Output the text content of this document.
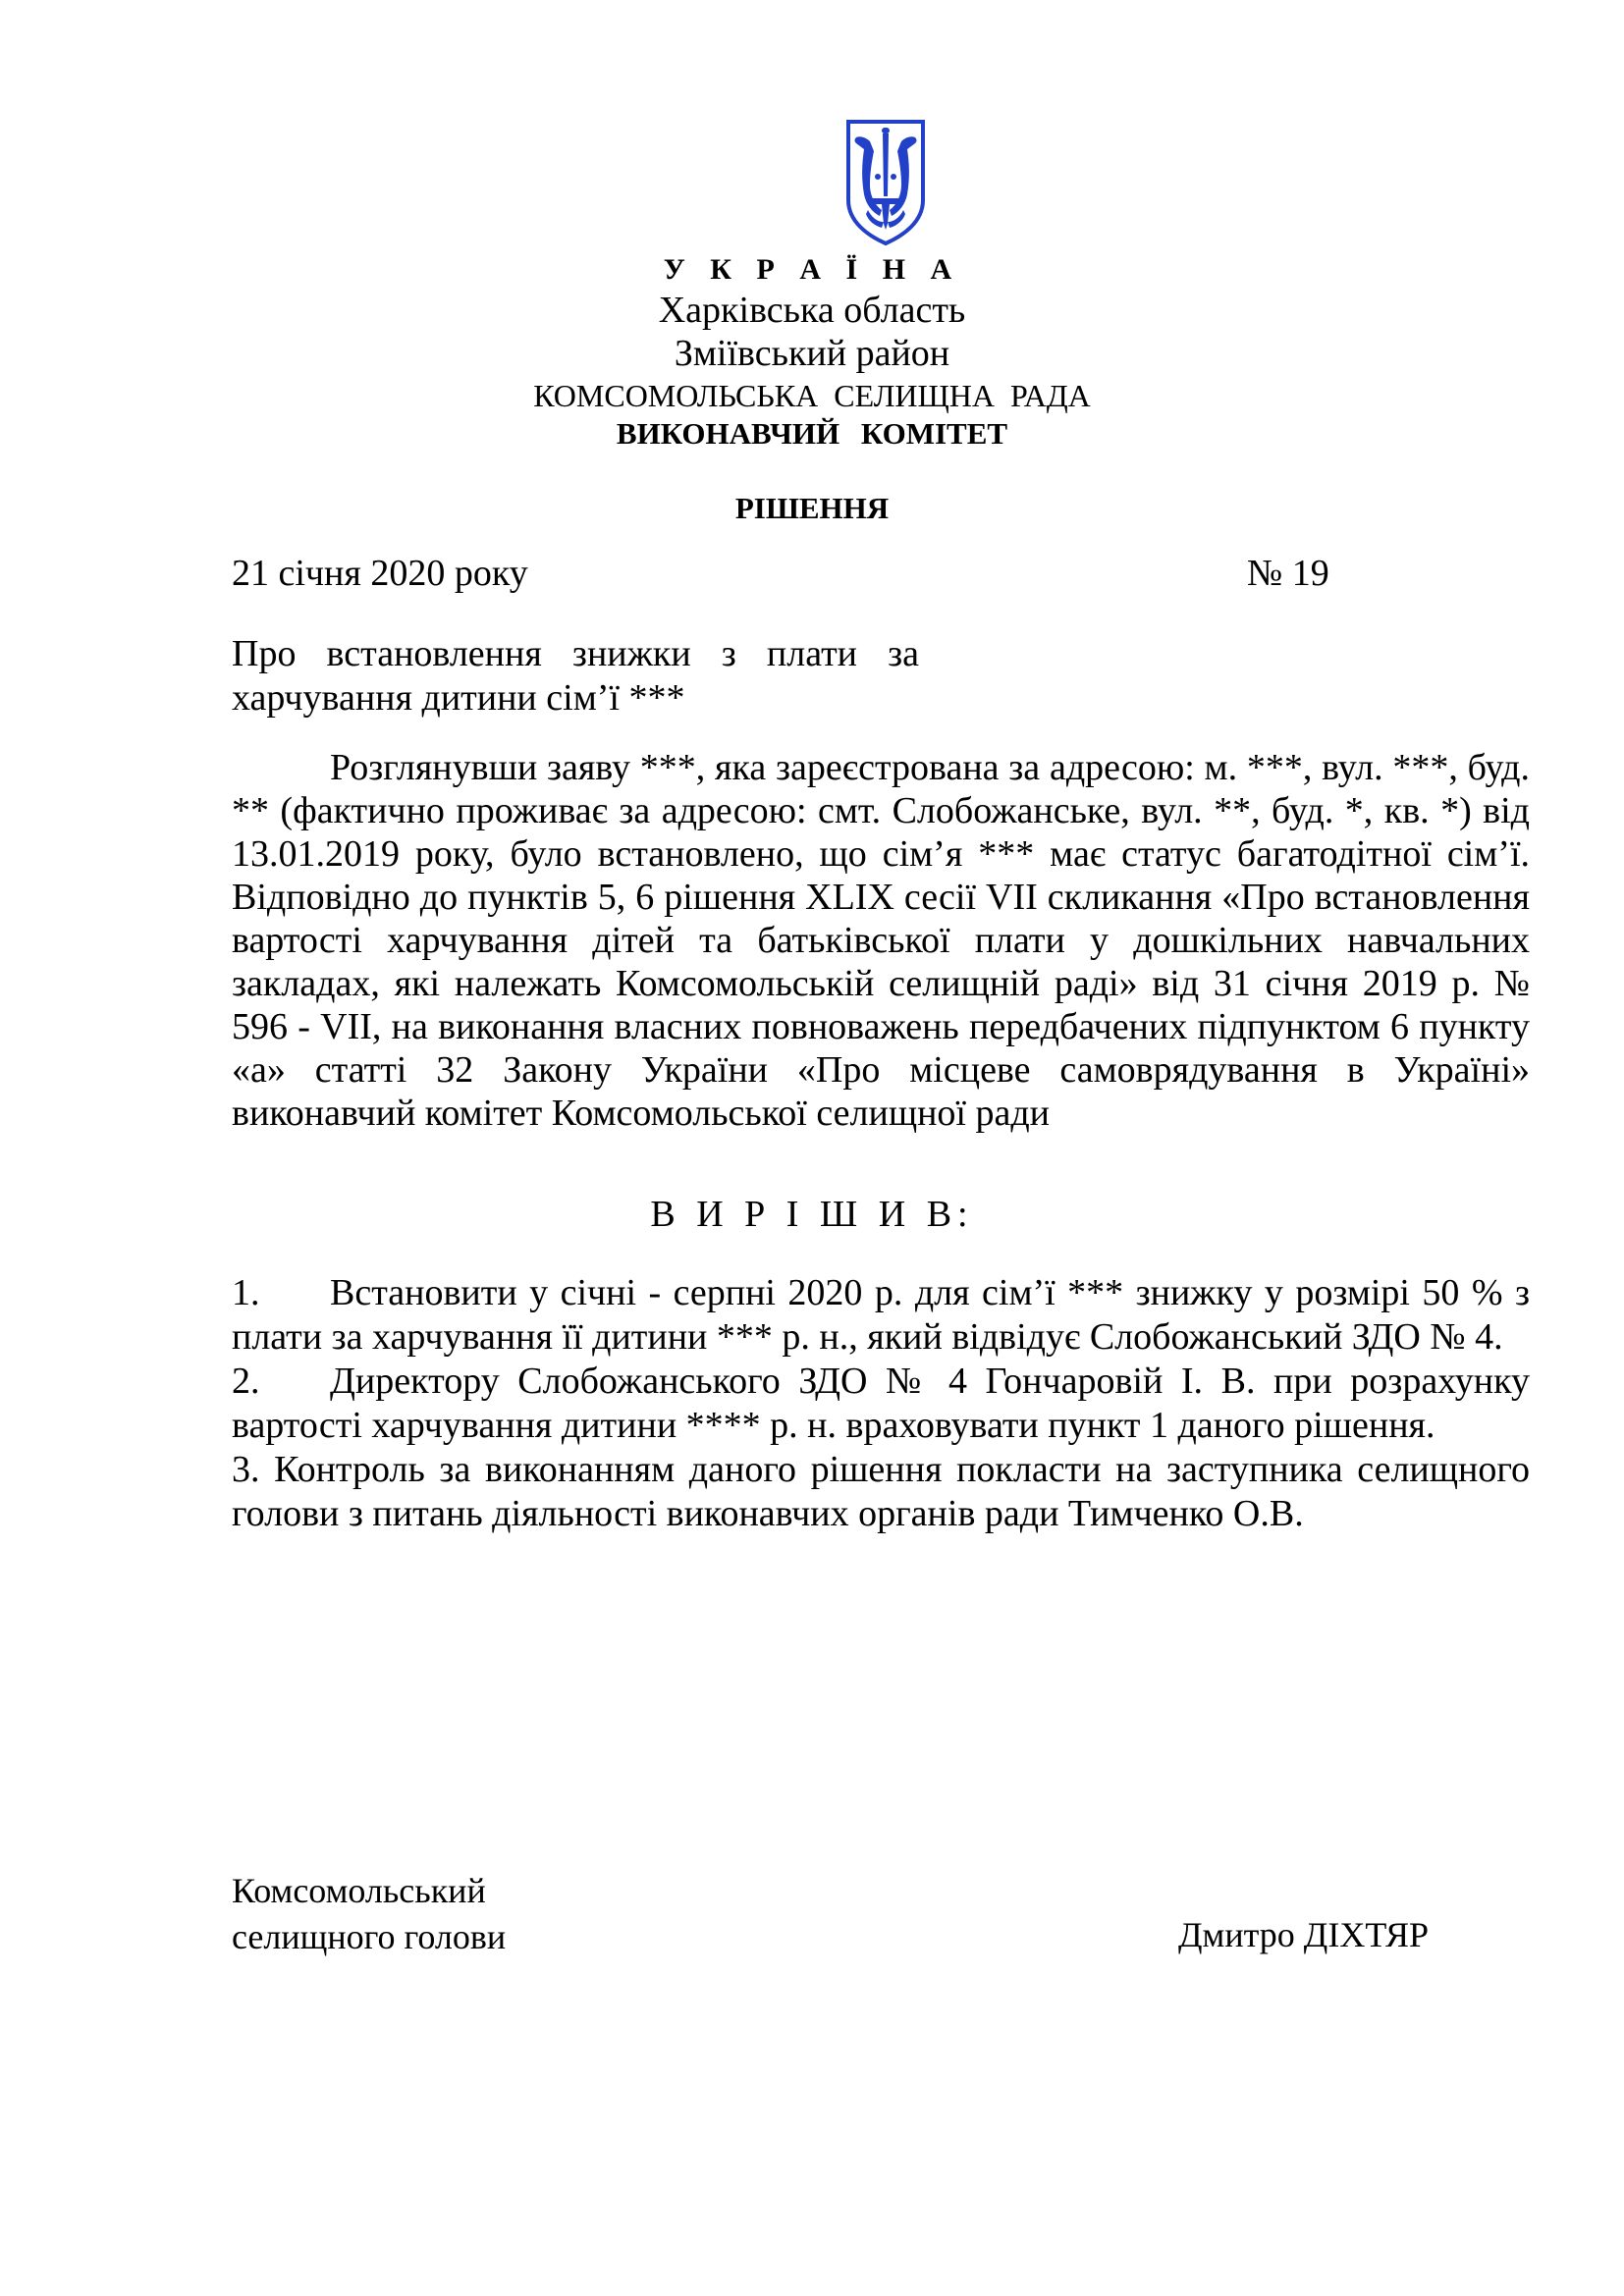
У К Р А Ї Н А
Харківська область
Зміївський район
КОМСОМОЛЬСЬКА СЕЛИЩНА РАДА
ВИКОНАВЧИЙ КОМІТЕТ
РІШЕННЯ
21 січня 2020 року	№ 19
Про встановлення знижки з плати за
харчування дитини сім’ї ***

Розглянувши заяву ***, яка зареєстрована за адресою: м. ***, вул. ***, буд. ** (фактично проживає за адресою: смт. Слобожанське, вул. **, буд. *, кв. *) від 13.01.2019 року, було встановлено, що сім’я *** має статус багатодітної сім’ї. Відповідно до пунктів 5, 6 рішення XLIX сесії VII скликання «Про встановлення вартості харчування дітей та батьківської плати у дошкільних навчальних закладах, які належать Комсомольській селищній раді» від 31 січня 2019 р. № 596 - VII, на виконання власних повноважень передбачених підпунктом 6 пункту «а» статті 32 Закону України «Про місцеве самоврядування в Україні» виконавчий комітет Комсомольської селищної ради

В И Р І Ш И В:

1. Встановити у січні - серпні 2020 р. для сім’ї *** знижку у розмірі 50 % з плати за харчування її дитини *** р. н., який відвідує Слобожанський ЗДО № 4.

2. Директору Слобожанського ЗДО № 4 Гончаровій І. В. при розрахунку вартості харчування дитини **** р. н. враховувати пункт 1 даного рішення.

3. Контроль за виконанням даного рішення покласти на заступника селищного голови з питань діяльності виконавчих органів ради Тимченко О.В.

Комсомольський
селищного голови	Дмитро ДІХТЯР
